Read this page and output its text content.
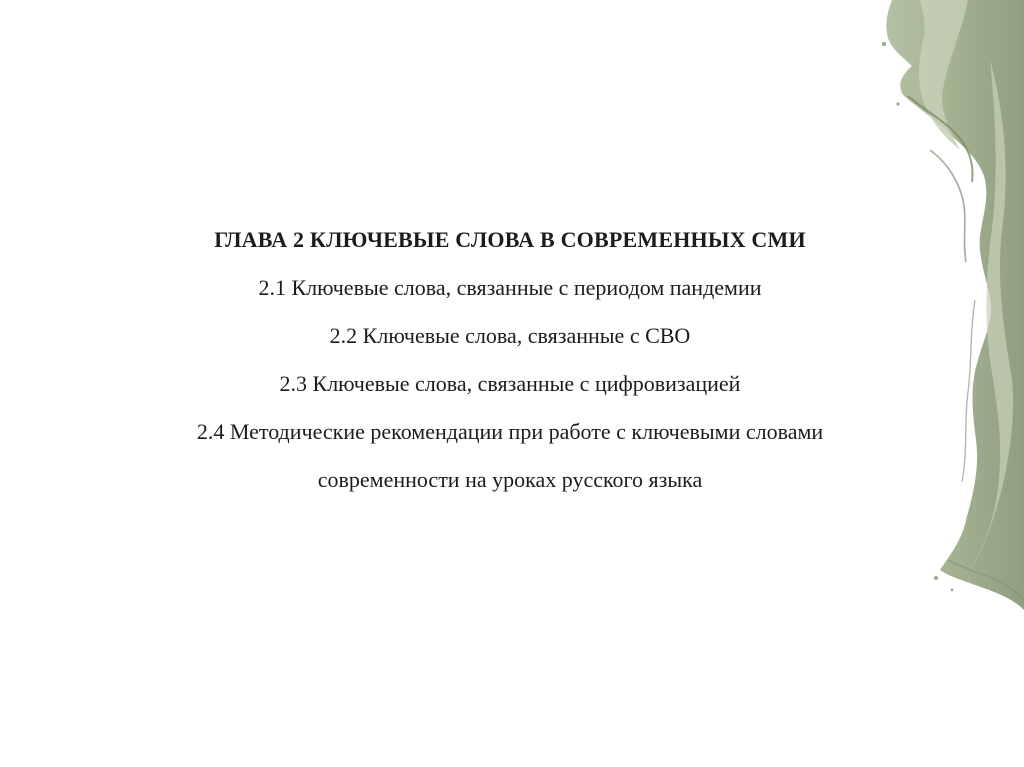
ГЛАВА 2 КЛЮЧЕВЫЕ СЛОВА В СОВРЕМЕННЫХ СМИ
2.1 Ключевые слова, связанные с периодом пандемии
2.2 Ключевые слова, связанные с СВО
2.3 Ключевые слова, связанные с цифровизацией
2.4 Методические рекомендации при работе с ключевыми словами
современности на уроках русского языка
